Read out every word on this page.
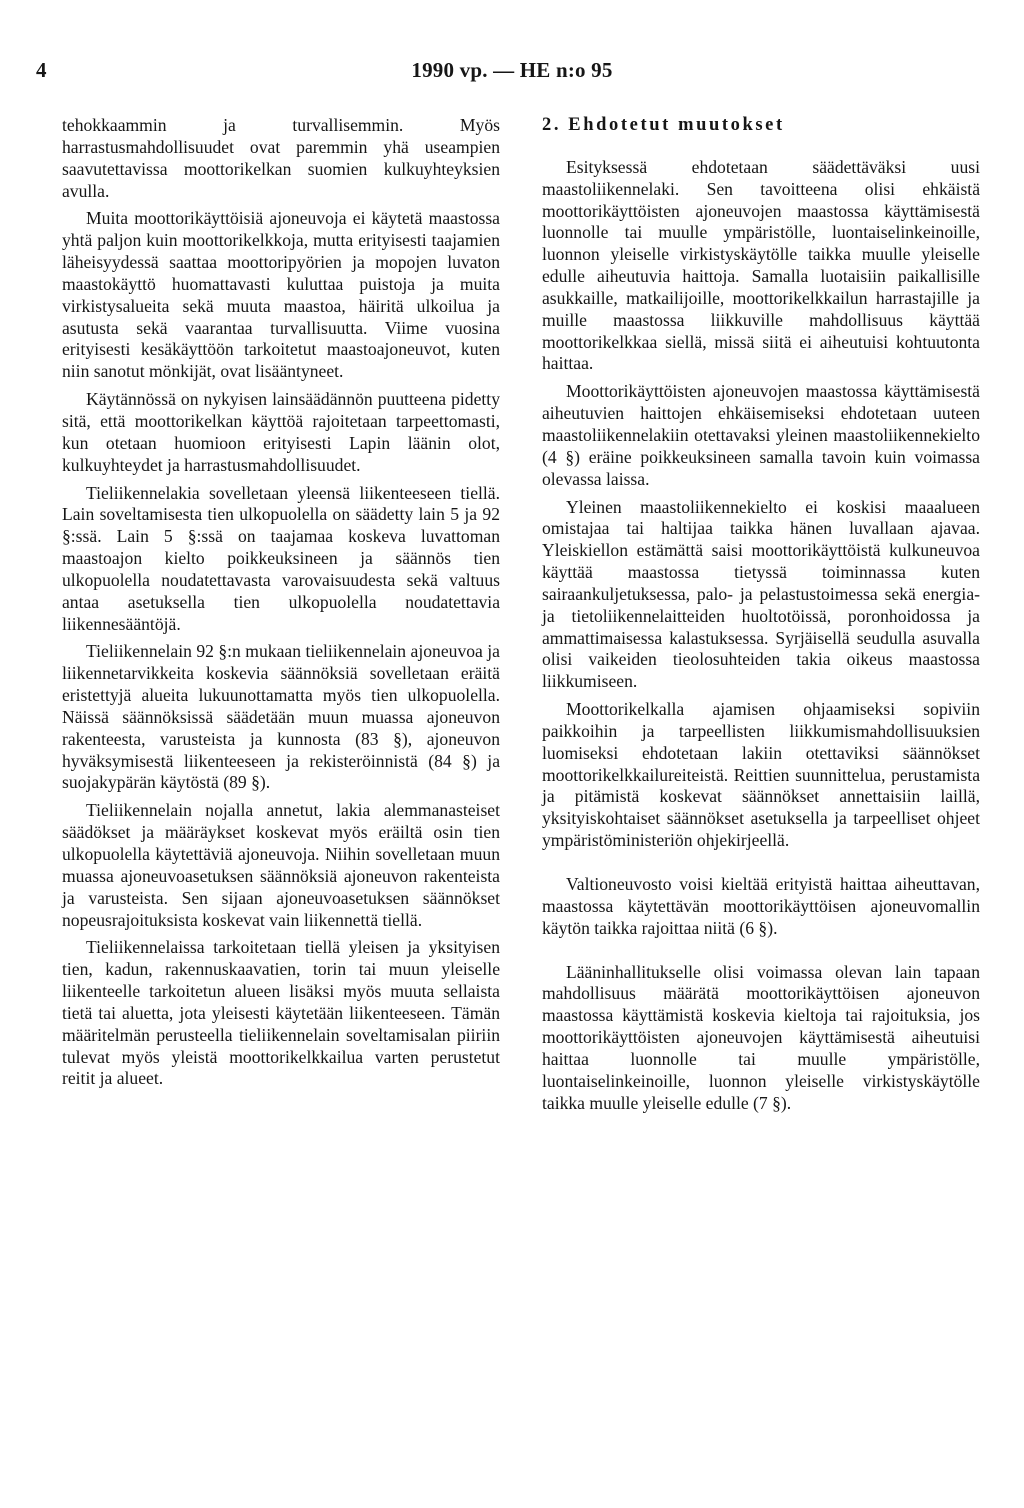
4	1990 vp. — HE n:o 95

tehokkaammin ja turvallisemmin. Myös harrastusmahdollisuudet ovat paremmin yhä useampien saavutettavissa moottorikelkan suomien kulkuyhteyksien avulla.

Muita moottorikäyttöisiä ajoneuvoja ei käytetä maastossa yhtä paljon kuin moottorikelkkoja, mutta erityisesti taajamien läheisyydessä saattaa moottoripyörien ja mopojen luvaton maastokäyttö huomattavasti kuluttaa puistoja ja muita virkistysalueita sekä muuta maastoa, häiritä ulkoilua ja asutusta sekä vaarantaa turvallisuutta. Viime vuosina erityisesti kesäkäyttöön tarkoitetut maastoajoneuvot, kuten niin sanotut mönkijät, ovat lisääntyneet.

Käytännössä on nykyisen lainsäädännön puutteena pidetty sitä, että moottorikelkan käyttöä rajoitetaan tarpeettomasti, kun otetaan huomioon erityisesti Lapin läänin olot, kulkuyhteydet ja harrastusmahdollisuudet.

Tieliikennelakia sovelletaan yleensä liikenteeseen tiellä. Lain soveltamisesta tien ulkopuolella on säädetty lain 5 ja 92 §:ssä. Lain 5 §:ssä on taajamaa koskeva luvattoman maastoajon kielto poikkeuksineen ja säännös tien ulkopuolella noudatettavasta varovaisuudesta sekä valtuus antaa asetuksella tien ulkopuolella noudatettavia liikennesääntöjä.

Tieliikennelain 92 §:n mukaan tieliikennelain ajoneuvoa ja liikennetarvikkeita koskevia säännöksiä sovelletaan eräitä eristettyjä alueita lukuunottamatta myös tien ulkopuolella. Näissä säännöksissä säädetään muun muassa ajoneuvon rakenteesta, varusteista ja kunnosta (83 §), ajoneuvon hyväksymisestä liikenteeseen ja rekisteröinnistä (84 §) ja suojakypärän käytöstä (89 §).

Tieliikennelain nojalla annetut, lakia alemmanasteiset säädökset ja määräykset koskevat myös eräiltä osin tien ulkopuolella käytettäviä ajoneuvoja. Niihin sovelletaan muun muassa ajoneuvoasetuksen säännöksiä ajoneuvon rakenteista ja varusteista. Sen sijaan ajoneuvoasetuksen säännökset nopeusrajoituksista koskevat vain liikennettä tiellä.

Tieliikennelaissa tarkoitetaan tiellä yleisen ja yksityisen tien, kadun, rakennuskaavatien, torin tai muun yleiselle liikenteelle tarkoitetun alueen lisäksi myös muuta sellaista tietä tai aluetta, jota yleisesti käytetään liikenteeseen. Tämän määritelmän perusteella tieliikennelain soveltamisalan piiriin tulevat myös yleistä moottorikelkkailua varten perustetut reitit ja alueet.

2. Ehdotetut muutokset

Esityksessä ehdotetaan säädettäväksi uusi maastoliikennelaki. Sen tavoitteena olisi ehkäistä moottorikäyttöisten ajoneuvojen maastossa käyttämisestä luonnolle tai muulle ympäristölle, luontaiselinkeinoille, luonnon yleiselle virkistyskäytölle taikka muulle yleiselle edulle aiheutuvia haittoja. Samalla luotaisiin paikallisille asukkaille, matkailijoille, moottorikelkkailun harrastajille ja muille maastossa liikkuville mahdollisuus käyttää moottorikelkkaa siellä, missä siitä ei aiheutuisi kohtuutonta haittaa.

Moottorikäyttöisten ajoneuvojen maastossa käyttämisestä aiheutuvien haittojen ehkäisemiseksi ehdotetaan uuteen maastoliikennelakiin otettavaksi yleinen maastoliikennekielto (4 §) eräine poikkeuksineen samalla tavoin kuin voimassa olevassa laissa.

Yleinen maastoliikennekielto ei koskisi maaalueen omistajaa tai haltijaa taikka hänen luvallaan ajavaa. Yleiskiellon estämättä saisi moottorikäyttöistä kulkuneuvoa käyttää maastossa tietyssä toiminnassa kuten sairaankuljetuksessa, palo- ja pelastustoimessa sekä energia- ja tietoliikennelaitteiden huoltotöissä, poronhoidossa ja ammattimaisessa kalastuksessa. Syrjäisellä seudulla asuvalla olisi vaikeiden tieolosuhteiden takia oikeus maastossa liikkumiseen.

Moottorikelkalla ajamisen ohjaamiseksi sopiviin paikkoihin ja tarpeellisten liikkumismahdollisuuksien luomiseksi ehdotetaan lakiin otettaviksi säännökset moottorikelkkailureiteistä. Reittien suunnittelua, perustamista ja pitämistä koskevat säännökset annettaisiin laillä, yksityiskohtaiset säännökset asetuksella ja tarpeelliset ohjeet ympäristöministeriön ohjekirjeellä.

Valtioneuvosto voisi kieltää erityistä haittaa aiheuttavan, maastossa käytettävän moottorikäyttöisen ajoneuvomallin käytön taikka rajoittaa niitä (6 §).

Lääninhallitukselle olisi voimassa olevan lain tapaan mahdollisuus määrätä moottorikäyttöisen ajoneuvon maastossa käyttämistä koskevia kieltoja tai rajoituksia, jos moottorikäyttöisten ajoneuvojen käyttämisestä aiheutuisi haittaa luonnolle tai muulle ympäristölle, luontaiselinkeinoille, luonnon yleiselle virkistyskäytölle taikka muulle yleiselle edulle (7 §).
